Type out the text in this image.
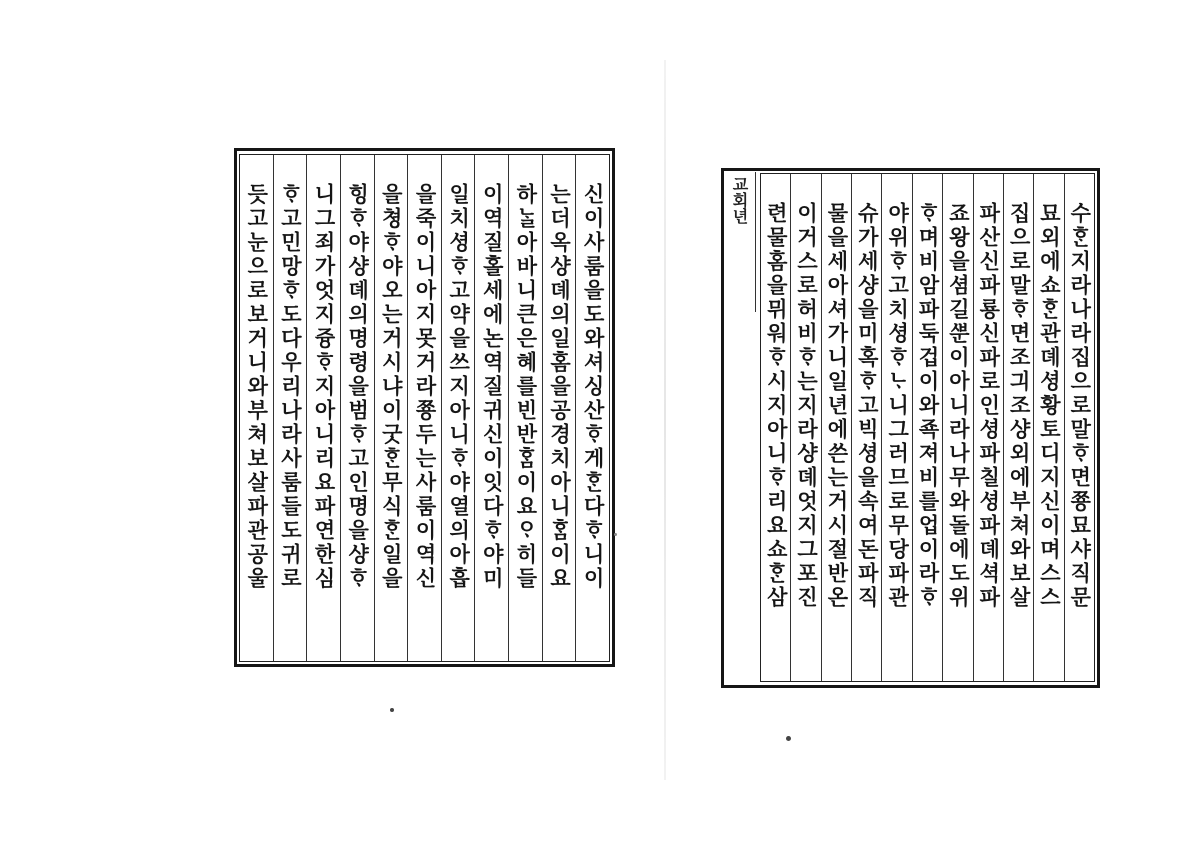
신이사룸을도와셔싱산ᄒᆞ게ᄒᆞᆫ다ᄒᆞ니이
는더옥샹뎨의일홈을공경치아니ᄒᆞᆷ이요
하ᄂᆞᆯ아바니큰은혜를빈반ᄒᆞᆷ이요ᄋᆞ히들
이역질홀세에논역질귀신이잇다ᄒᆞ야미
일치셩ᄒᆞ고약을쓰지아니ᄒᆞ야열의아흡
을죽이니아지못거라쭁두는사룸이역신
을쳥ᄒᆞ야오는거시냐이굿ᄒᆞᆫ무식ᄒᆞᆫ일을
힝ᄒᆞ야샹뎨의명령을범ᄒᆞ고인명을샹ᄒᆞ
니그죄가엇지즁ᄒᆞ지아니리요파연한심
ᄒᆞ고민망ᄒᆞ도다우리나라사룸들도귀로
듯고눈으로보거니와부쳐보살파관공울	수ᄒᆞᆫ지라나라집으로말ᄒᆞ면쭁묘샤직문
묘외에쇼ᄒᆞᆫ관뎨셩황토디지신이며스스
집으로말ᄒᆞ면조긔조샹외에부쳐와보살
파산신파룡신파로인셩파칠셩파뎨셕파
죠왕을셤길ᄲᅮᆫ이아니라나무와돌에도위
ᄒᆞ며비암파둑겁이와죡져비를업이라ᄒᆞ
야위ᄒᆞ고치셩ᄒᆞᄂᆞ니그러므로무당파관
슈가세샹을미혹ᄒᆞ고빅셩을속여돈파직
물을세아셔가니일년에쓴는거시절반온
이거스로허비ᄒᆞ는지라샹뎨엇지그포진
련물홈을뮈워ᄒᆞ시지아니ᄒᆞ리요쇼ᄒᆞᆫ삼
교회년
